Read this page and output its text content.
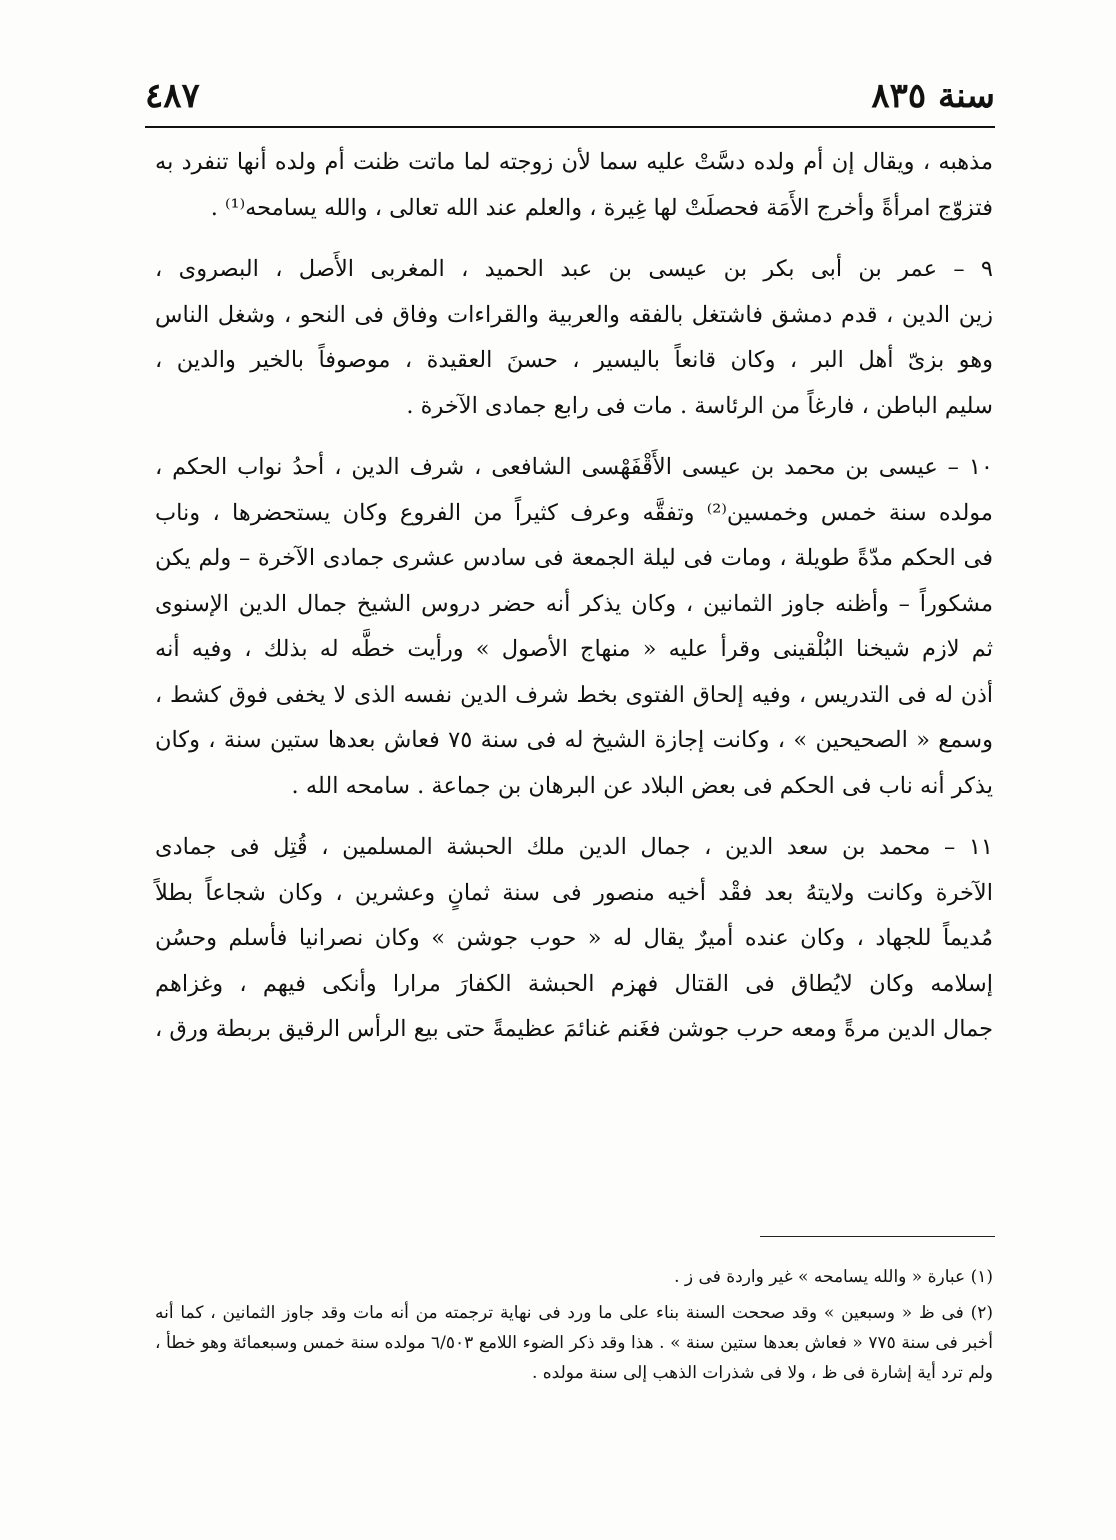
سنة ٨٣٥
٤٨٧
مذهبه ، ويقال إن أم ولده دسَّتْ عليه سما لأن زوجته لما ماتت ظنت أم ولده أنها تنفرد به
فتزوّج امرأةً وأخرج الأَمَة فحصلَتْ لها غِيرة ، والعلم عند الله تعالى ، والله يسامحه⁽¹⁾ .
٩ – عمر بن أبى بكر بن عيسى بن عبد الحميد ، المغربى الأَصل ، البصروى ،
زين الدين ، قدم دمشق فاشتغل بالفقه والعربية والقراءات وفاق فى النحو ، وشغل الناس
وهو بزىّ أهل البر ، وكان قانعاً باليسير ، حسنَ العقيدة ، موصوفاً بالخير والدين ،
سليم الباطن ، فارغاً من الرئاسة . مات فى رابع جمادى الآخرة .
١٠ – عيسى بن محمد بن عيسى الأَقْفَهْسى الشافعى ، شرف الدين ، أحدُ نواب الحكم ،
مولده سنة خمس وخمسين⁽²⁾ وتفقَّه وعرف كثيراً من الفروع وكان يستحضرها ، وناب
فى الحكم مدّةً طويلة ، ومات فى ليلة الجمعة فى سادس عشرى جمادى الآخرة – ولم يكن
مشكوراً – وأظنه جاوز الثمانين ، وكان يذكر أنه حضر دروس الشيخ جمال الدين الإسنوى
ثم لازم شيخنا البُلْقينى وقرأ عليه « منهاج الأصول » ورأيت خطَّه له بذلك ، وفيه أنه
أذن له فى التدريس ، وفيه إلحاق الفتوى بخط شرف الدين نفسه الذى لا يخفى فوق كشط ،
وسمع « الصحيحين » ، وكانت إجازة الشيخ له فى سنة ٧٥ فعاش بعدها ستين سنة ، وكان
يذكر أنه ناب فى الحكم فى بعض البلاد عن البرهان بن جماعة . سامحه الله .
١١ – محمد بن سعد الدين ، جمال الدين ملك الحبشة المسلمين ، قُتِل فى جمادى
الآخرة وكانت ولايتهُ بعد فقْد أخيه منصور فى سنة ثمانٍ وعشرين ، وكان شجاعاً بطلاً
مُديماً للجهاد ، وكان عنده أميرٌ يقال له « حوب جوشن » وكان نصرانيا فأسلم وحسُن
إسلامه وكان لايُطاق فى القتال فهزم الحبشة الكفارَ مرارا وأنكى فيهم ، وغزاهم
جمال الدين مرةً ومعه حرب جوشن فغَنم غنائمَ عظيمةً حتى بيع الرأس الرقيق بربطة ورق ،
(١) عبارة « والله يسامحه » غير واردة فى ز .
(٢) فى ظ « وسبعين » وقد صححت السنة بناء على ما ورد فى نهاية ترجمته من أنه مات وقد جاوز الثمانين ، كما أنه
أخبر فى سنة ٧٧٥ « فعاش بعدها ستين سنة » . هذا وقد ذكر الضوء اللامع ٦/٥٠٣ مولده سنة خمس وسبعمائة وهو خطأ ،
ولم ترد أية إشارة فى ظ ، ولا فى شذرات الذهب إلى سنة مولده .
